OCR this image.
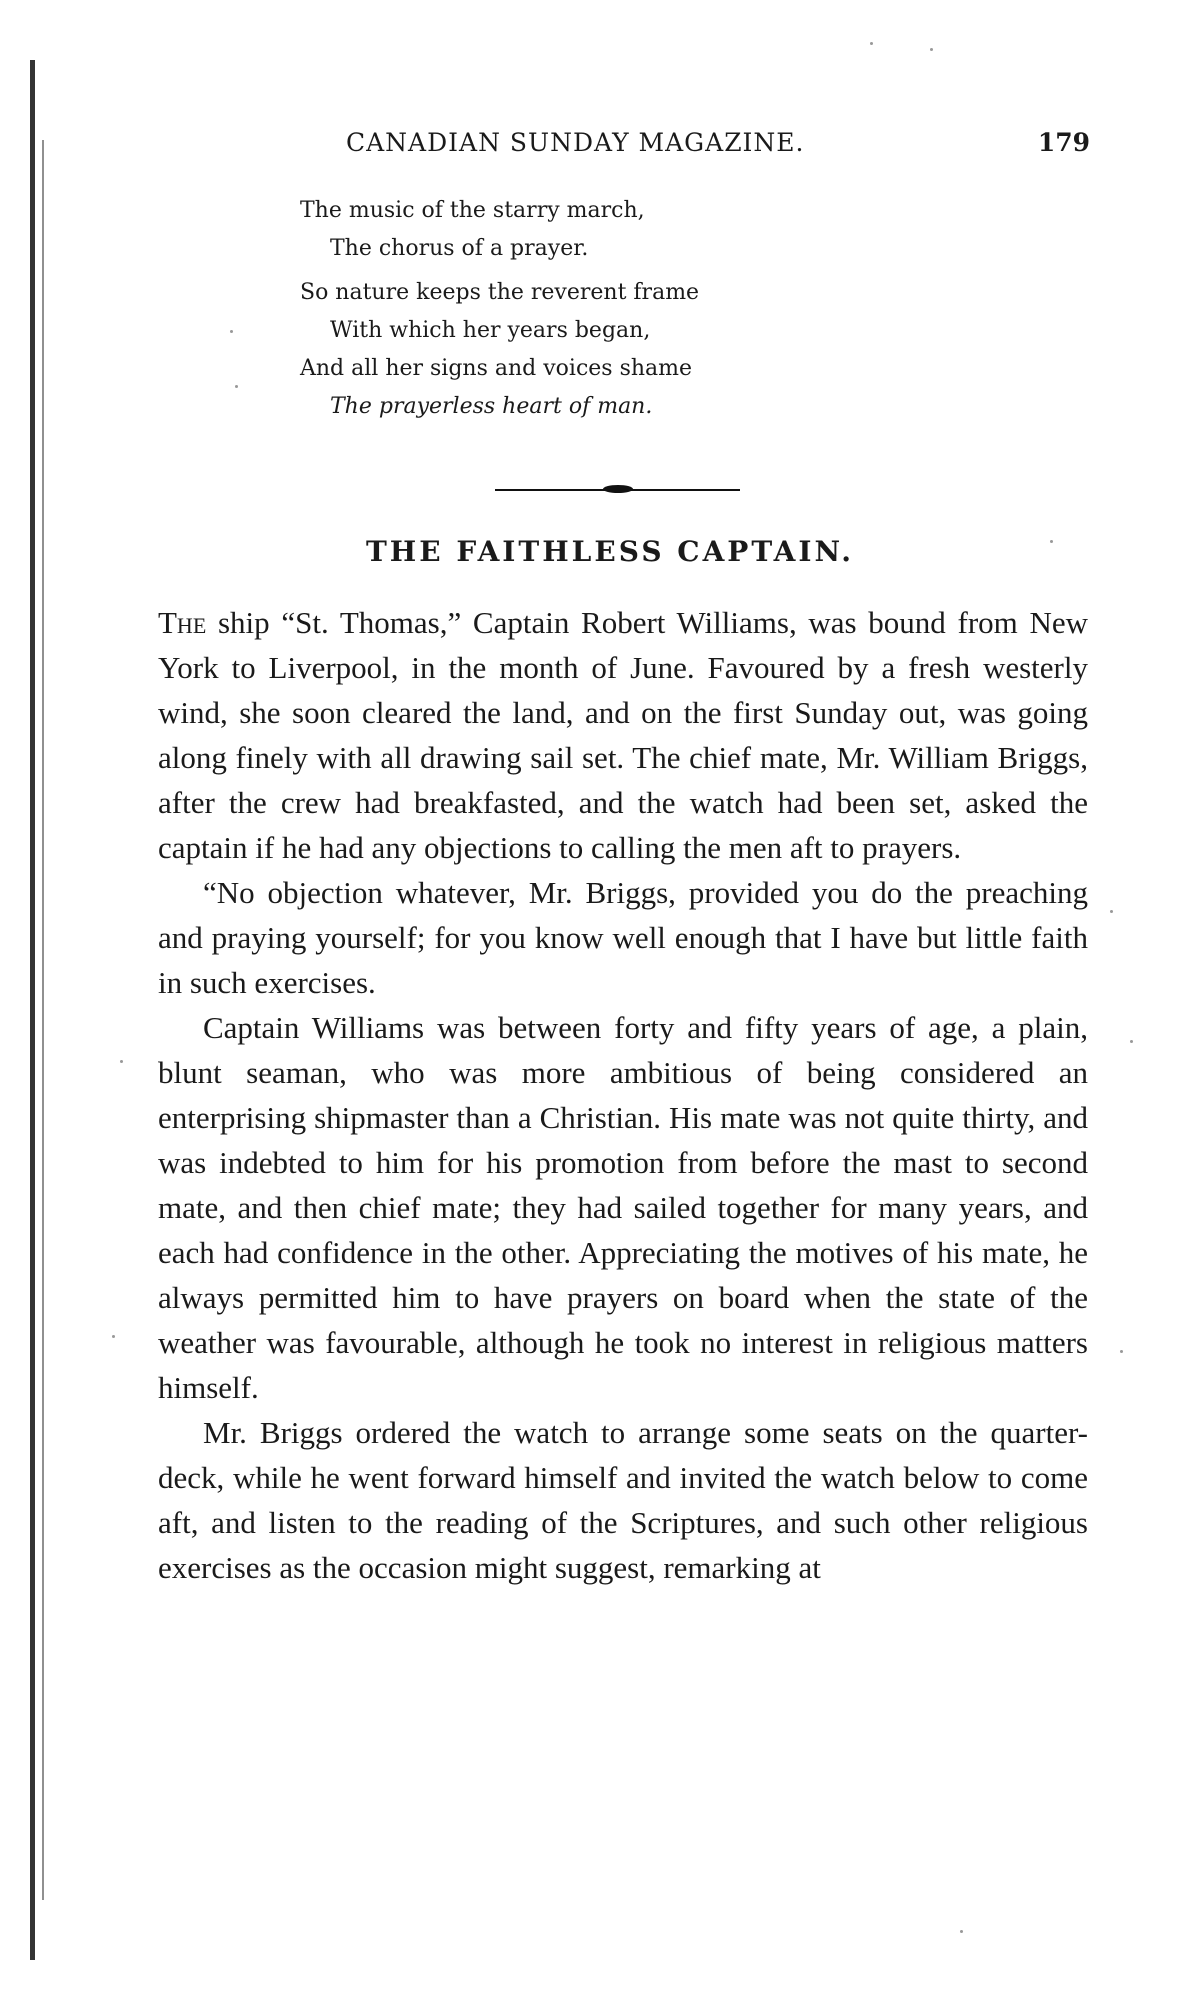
CANADIAN SUNDAY MAGAZINE.	179
The music of the starry march,
The chorus of a prayer.
So nature keeps the reverent frame
With which her years began,
And all her signs and voices shame
The prayerless heart of man.
THE FAITHLESS CAPTAIN.

The ship “St. Thomas,” Captain Robert Williams, was bound from New York to Liverpool, in the month of June. Favoured by a fresh westerly wind, she soon cleared the land, and on the first Sunday out, was going along finely with all drawing sail set. The chief mate, Mr. William Briggs, after the crew had breakfasted, and the watch had been set, asked the captain if he had any objections to calling the men aft to prayers.

“No objection whatever, Mr. Briggs, provided you do the preaching and praying yourself; for you know well enough that I have but little faith in such exercises.

Captain Williams was between forty and fifty years of age, a plain, blunt seaman, who was more ambitious of being considered an enterprising shipmaster than a Christian. His mate was not quite thirty, and was indebted to him for his promotion from before the mast to second mate, and then chief mate; they had sailed together for many years, and each had confidence in the other. Appreciating the motives of his mate, he always permitted him to have prayers on board when the state of the weather was favourable, although he took no interest in religious matters himself.

Mr. Briggs ordered the watch to arrange some seats on the quarter-deck, while he went forward himself and invited the watch below to come aft, and listen to the reading of the Scriptures, and such other religious exercises as the occasion might suggest, remarking at
